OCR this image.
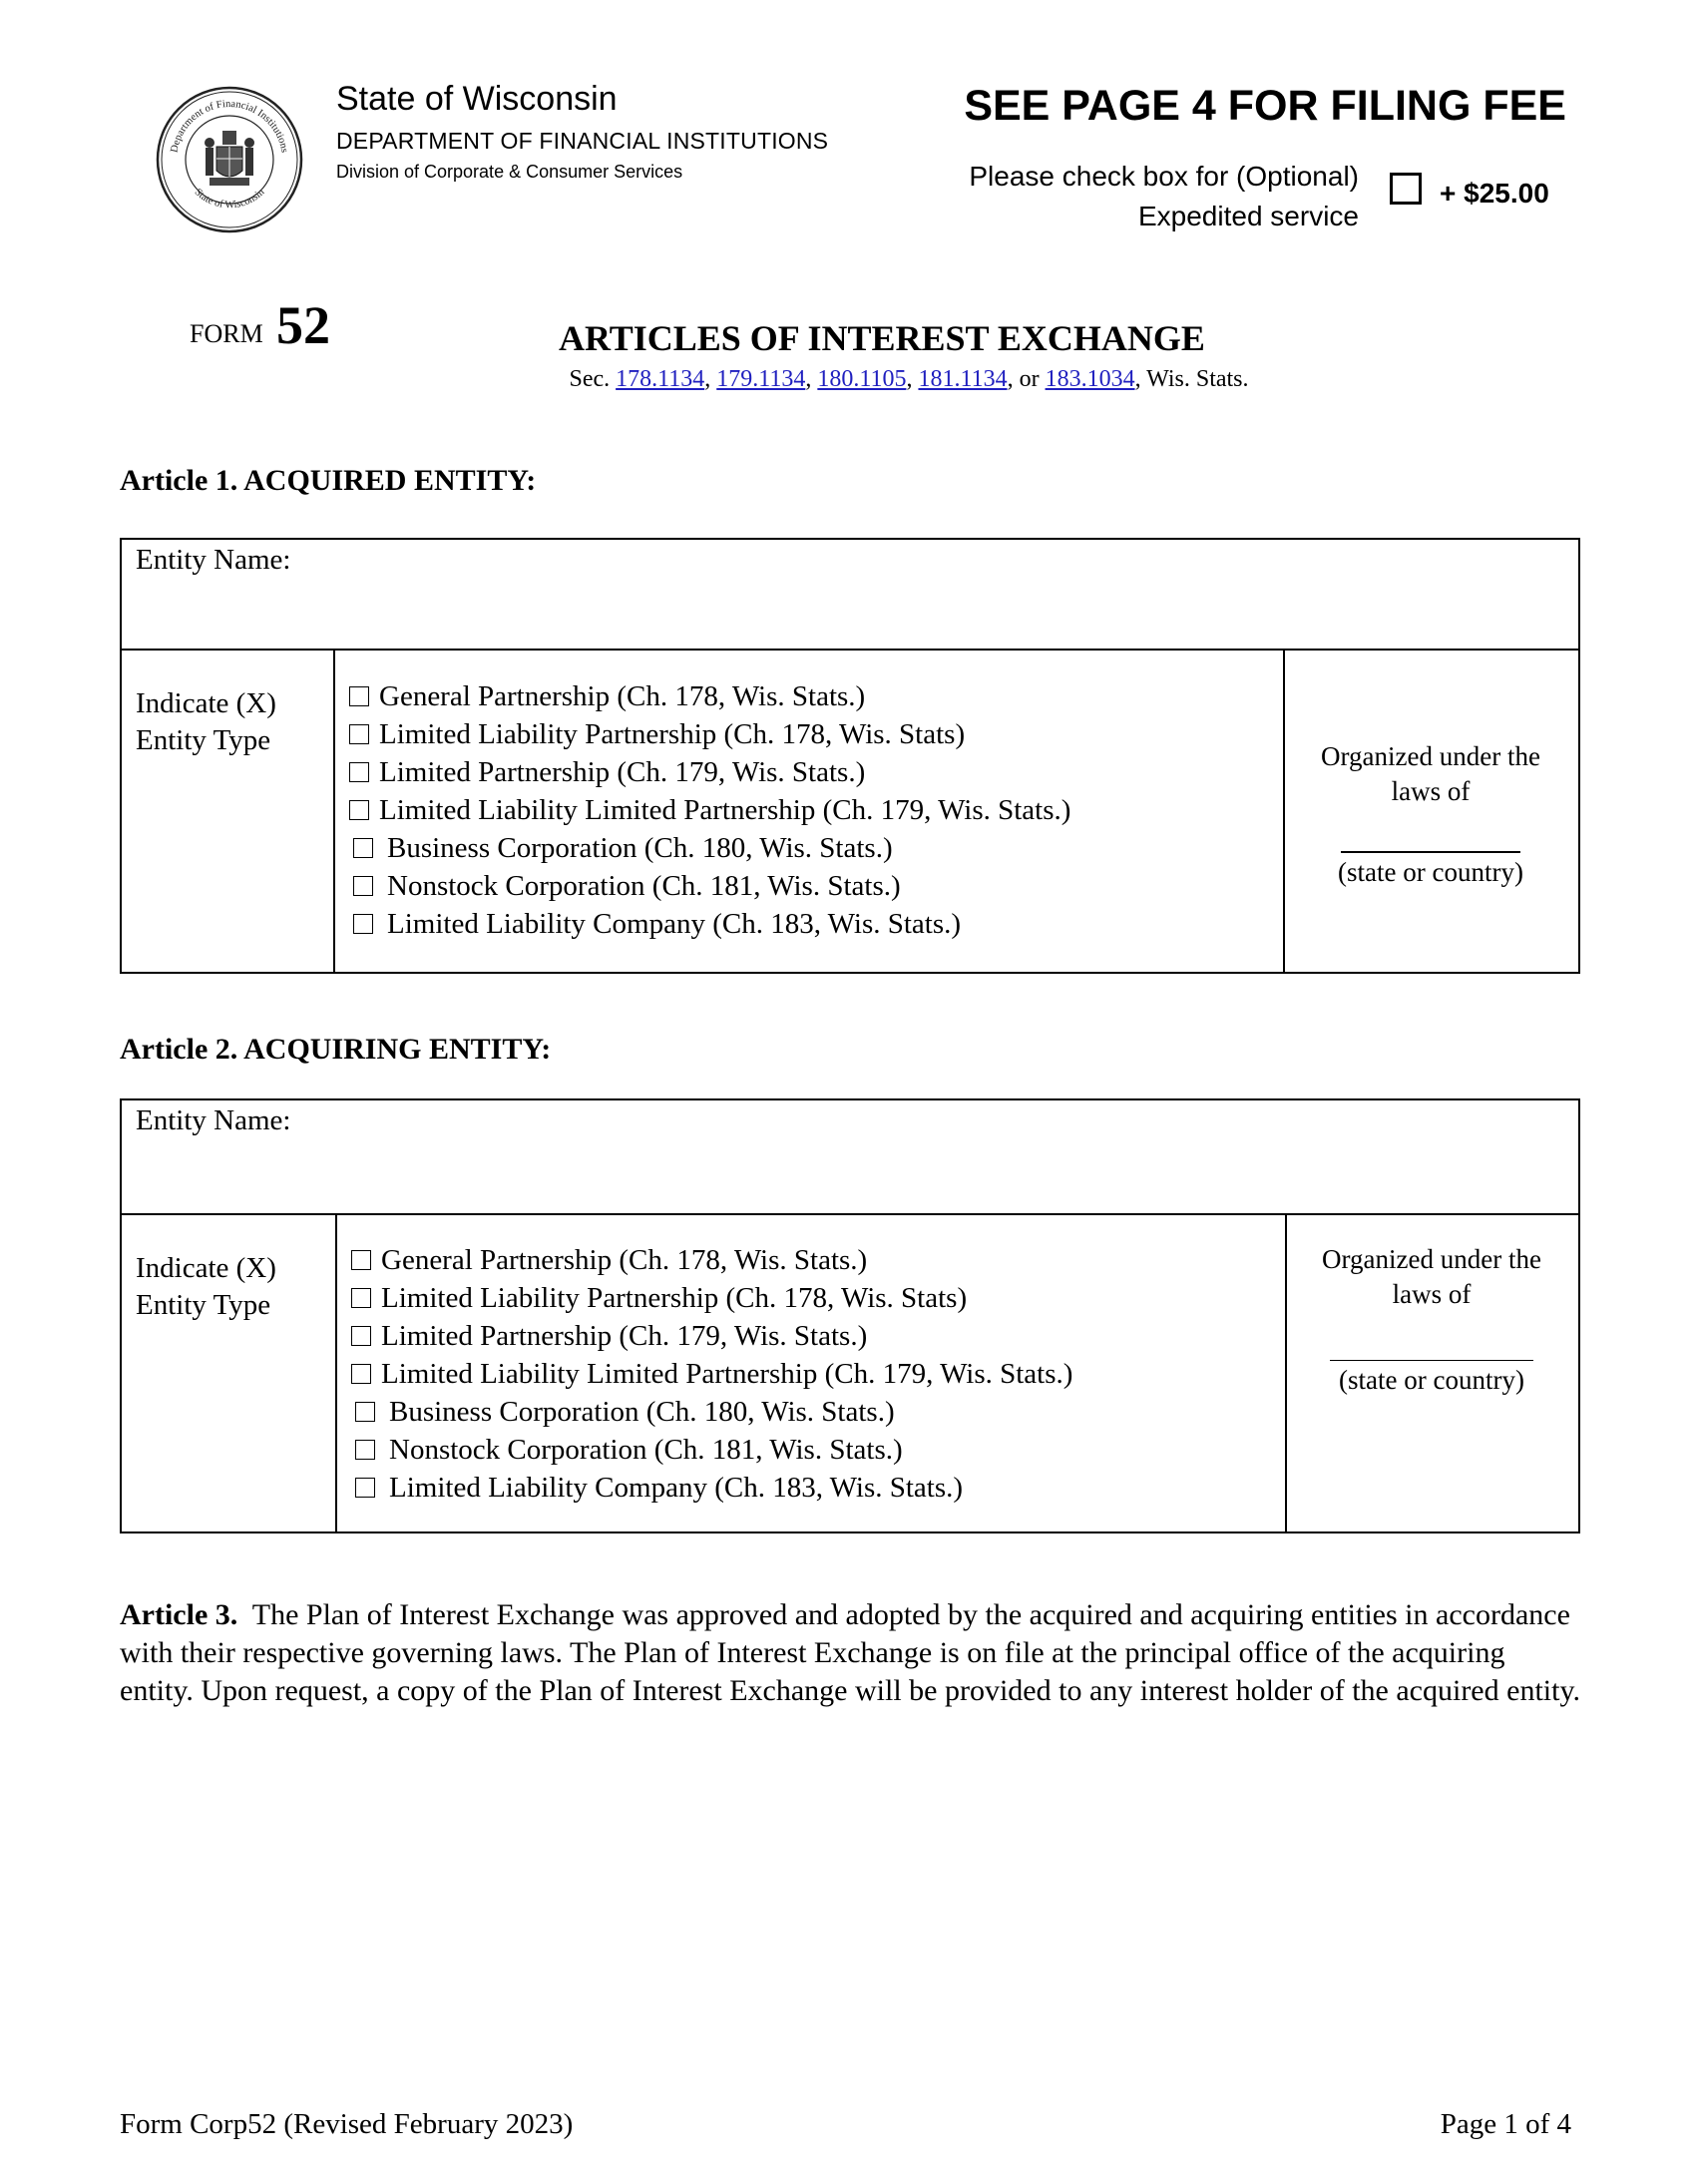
Department of Financial Institutions
State of Wisconsin
State of Wisconsin
DEPARTMENT OF FINANCIAL INSTITUTIONS
Division of Corporate & Consumer Services
SEE PAGE 4 FOR FILING FEE
Please check box for (Optional)
Expedited service
+ $25.00
FORM 52	ARTICLES OF INTEREST EXCHANGE
Sec. 178.1134, 179.1134, 180.1105, 181.1134, or 183.1034, Wis. Stats.
Article 1. ACQUIRED ENTITY:
Entity Name:
Indicate (X)
Entity Type
General Partnership (Ch. 178, Wis. Stats.)
Limited Liability Partnership (Ch. 178, Wis. Stats)
Limited Partnership (Ch. 179, Wis. Stats.)
Limited Liability Limited Partnership (Ch. 179, Wis. Stats.)
Business Corporation (Ch. 180, Wis. Stats.)
Nonstock Corporation (Ch. 181, Wis. Stats.)
Limited Liability Company (Ch. 183, Wis. Stats.)
Organized under the
laws of
(state or country)
Article 2. ACQUIRING ENTITY:
Entity Name:
Indicate (X)
Entity Type
General Partnership (Ch. 178, Wis. Stats.)
Limited Liability Partnership (Ch. 178, Wis. Stats)
Limited Partnership (Ch. 179, Wis. Stats.)
Limited Liability Limited Partnership (Ch. 179, Wis. Stats.)
Business Corporation (Ch. 180, Wis. Stats.)
Nonstock Corporation (Ch. 181, Wis. Stats.)
Limited Liability Company (Ch. 183, Wis. Stats.)
Organized under the
laws of
(state or country)
Article 3. The Plan of Interest Exchange was approved and adopted by the acquired and acquiring entities in accordance with their respective governing laws. The Plan of Interest Exchange is on file at the principal office of the acquiring entity. Upon request, a copy of the Plan of Interest Exchange will be provided to any interest holder of the acquired entity.
Form Corp52 (Revised February 2023)	Page 1 of 4
